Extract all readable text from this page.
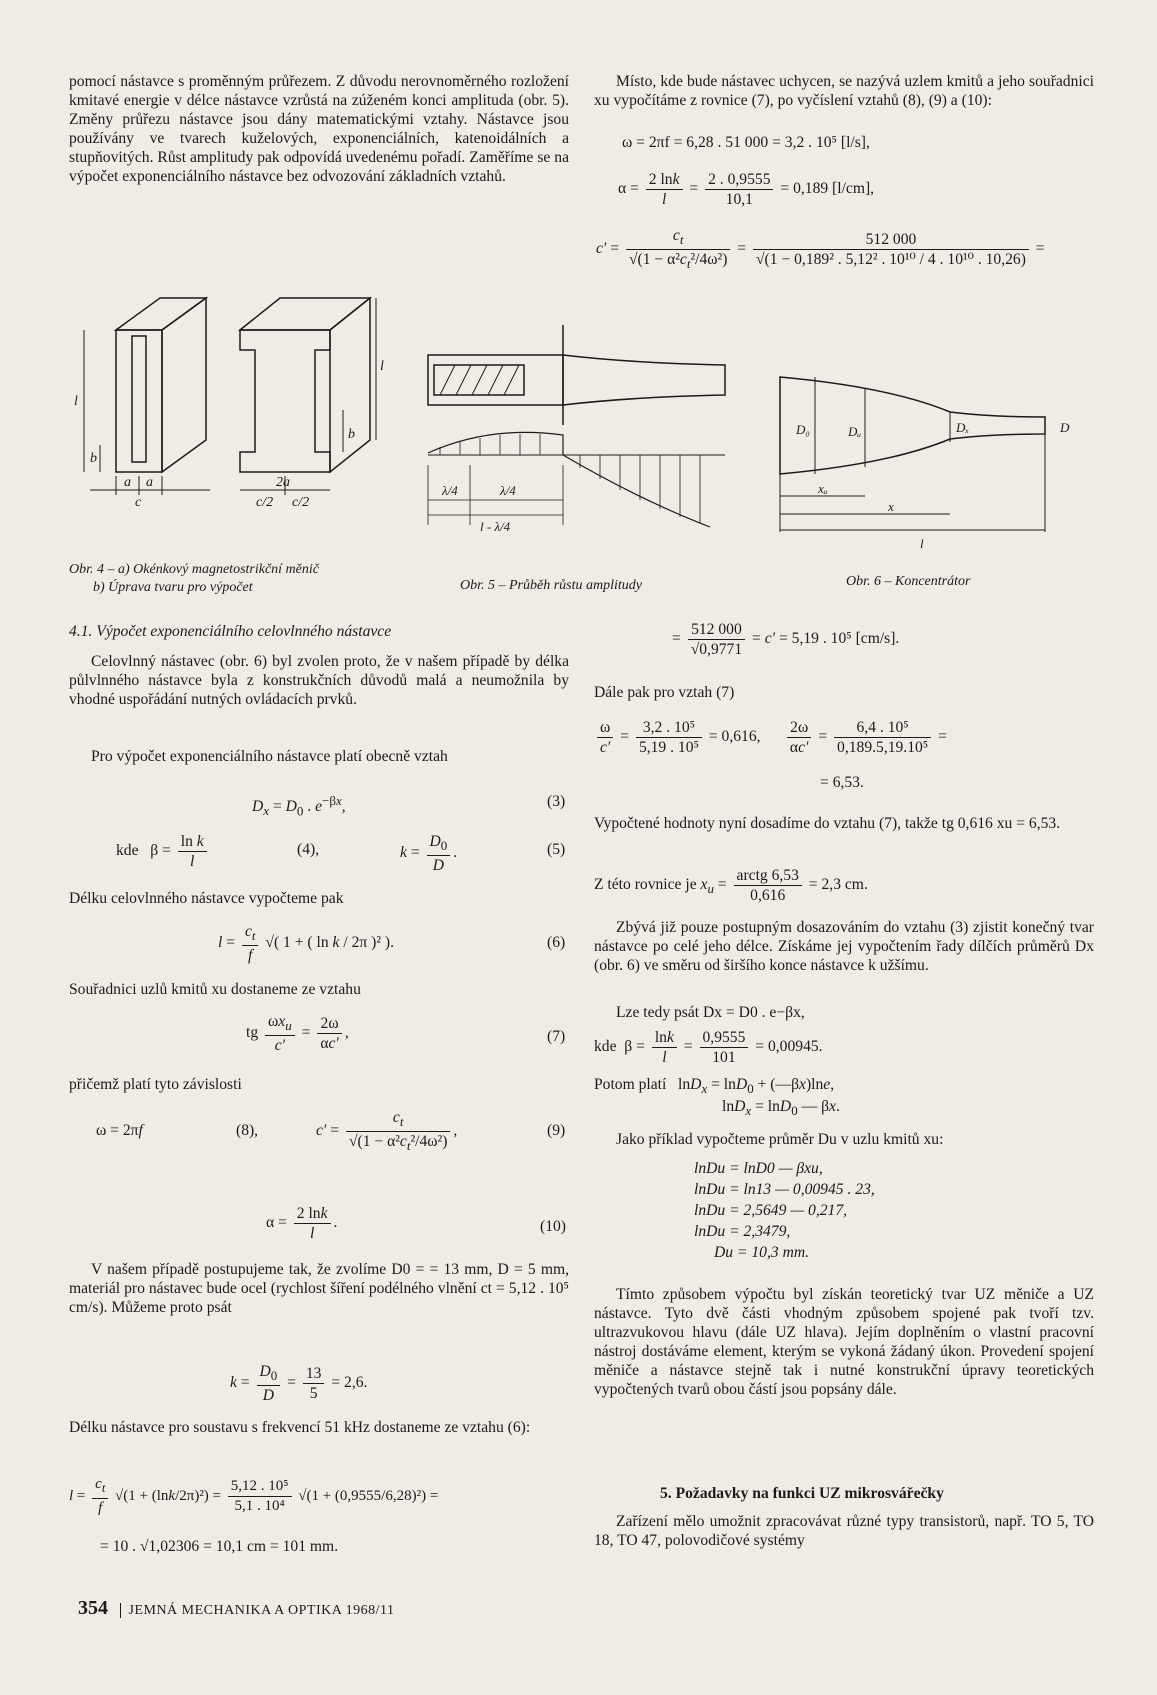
pomocí nástavce s proměnným průřezem. Z důvodu nerovnoměrného rozložení kmitavé energie v délce nástavce vzrůstá na zúženém konci amplituda (obr. 5). Změny průřezu nástavce jsou dány matematickými vztahy. Nástavce jsou používány ve tvarech kuželových, exponenciálních, katenoidálních a stupňovitých. Růst amplitudy pak odpovídá uvedenému pořadí. Zaměříme se na výpočet exponenciálního nástavce bez odvozování základních vztahů.

Místo, kde bude nástavec uchycen, se nazývá uzlem kmitů a jeho souřadnici xu vypočítáme z rovnice (7), po vyčíslení vztahů (8), (9) a (10):

ω = 2πf = 6,28 . 51 000 = 3,2 . 10⁵ [l/s],
$\alpha = \frac{2 \ln k}{l} = \frac{2 . 0,9555}{10,1} = 0,189$ [l/cm],
$c' = \frac{c_t}{√(1 - \alpha^2c_t^2/4\omega^2)} = \frac{512 000}{\text{√(1 − 0,189² . 5,12² . 10¹⁰ / 4 . 10¹⁰ . 10,26)}}$ =
l
b
a a
c
2a
c/2 c/2
b
l
λ/4	λ/4
l - λ/4
D₀	Dᵤ	Dₓ	D
xᵤ
x
l
Obr. 4 – a) Okénkový magnetostrikční měnič
b) Úprava tvaru pro výpočet	Obr. 5 – Průběh růstu amplitudy	Obr. 6 – Koncentrátor
4.1. Výpočet exponenciálního celovlnného nástavce

Celovlnný nástavec (obr. 6) byl zvolen proto, že v našem případě by délka půlvlnného nástavce byla z konstrukčních důvodů malá a neumožnila by vhodné uspořádání nutných ovládacích prvků.

Pro výpočet exponenciálního nástavce platí obecně vztah

$D_x = D_0$ . $e^{-\beta x}$,	(3)
kde   $\beta = \frac{\text{ln k}}{l}$	(4),	$k = \frac{D_0}{D}$ .	(5)

Délku celovlnného nástavce vypočteme pak

$l = \frac{c_t}{f}$ √( 1 + ( ln k / 2π )² ).	(6)

Souřadnici uzlů kmitů xu dostaneme ze vztahu

tg $\frac{\omega x_u}{c'} = \frac{2\omega}{\alpha c'}$ ,	(7)

přičemž platí tyto závislosti

ω = 2πf	(8),	$c' = \frac{c_t}{√(1 - \alpha^2c_t^2/4\omega^2)}$ ,	(9)
$\alpha = \frac{2 \ln k}{l}$ .	(10)

V našem případě postupujeme tak, že zvolíme D0 = = 13 mm, D = 5 mm, materiál pro nástavec bude ocel (rychlost šíření podélného vlnění ct = 5,12 . 10⁵ cm/s). Můžeme proto psát

$k = \frac{D_0}{D} = \frac{13}{5} = 2,6$.

Délku nástavce pro soustavu s frekvencí 51 kHz dostaneme ze vztahu (6):

$l = \frac{c_t}{f} √(1 + (\ln k/2\pi)^2) = \frac{\text{5,12 . 10⁵}}{\text{5,1 . 10⁴}} √(1 + (0,9555/6,28)^2)$ =
= 10 . √1,02306 = 10,1 cm = 101 mm.
= $\frac{512 000}{√0,9771} = c' = 5,19$ . 10⁵ [cm/s].

Dále pak pro vztah (7)

$\frac{\omega}{c'} = \frac{\text{3,2 . 10⁵}}{\text{5,19 . 10⁵}} = 0,616$, $\frac{2\omega}{\alpha c'} = \frac{\text{6,4 . 10⁵}}{\text{0,189.5,19.10⁵}}$ =
= 6,53.

Vypočtené hodnoty nyní dosadíme do vztahu (7), takže tg 0,616 xu = 6,53.

Z této rovnice je $x_u = \frac{\text{arctg 6,53}}{0,616} = 2,3$ cm.

Zbývá již pouze postupným dosazováním do vztahu (3) zjistit konečný tvar nástavce po celé jeho délce. Získáme jej vypočtením řady dílčích průměrů Dx (obr. 6) ve směru od širšího konce nástavce k užšímu.

Lze tedy psát Dx = D0 . e−βx,

kde  $\beta = \frac{\ln k}{l} = \frac{0,9555}{101} = 0,00945$.
Potom platí   lnD$_x$ = lnD$_0$ + (—βx)lne,
lnD$_x$ = lnD$_0$ — βx.

Jako příklad vypočteme průměr Du v uzlu kmitů xu:

lnDu = lnD0 — βxu,
lnDu = ln13 — 0,00945 . 23,
lnDu = 2,5649 — 0,217,
lnDu = 2,3479,
Du = 10,3 mm.

Tímto způsobem výpočtu byl získán teoretický tvar UZ měniče a UZ nástavce. Tyto dvě části vhodným způsobem spojené pak tvoří tzv. ultrazvukovou hlavu (dále UZ hlava). Jejím doplněním o vlastní pracovní nástroj dostáváme element, kterým se vykoná žádaný úkon. Provedení spojení měniče a nástavce stejně tak i nutné konstrukční úpravy teoretických vypočtených tvarů obou částí jsou popsány dále.

5. Požadavky na funkci UZ mikrosvářečky

Zařízení mělo umožnit zpracovávat různé typy transistorů, např. TO 5, TO 18, TO 47, polovodičové systémy

354 JEMNÁ MECHANIKA A OPTIKA 1968/11
